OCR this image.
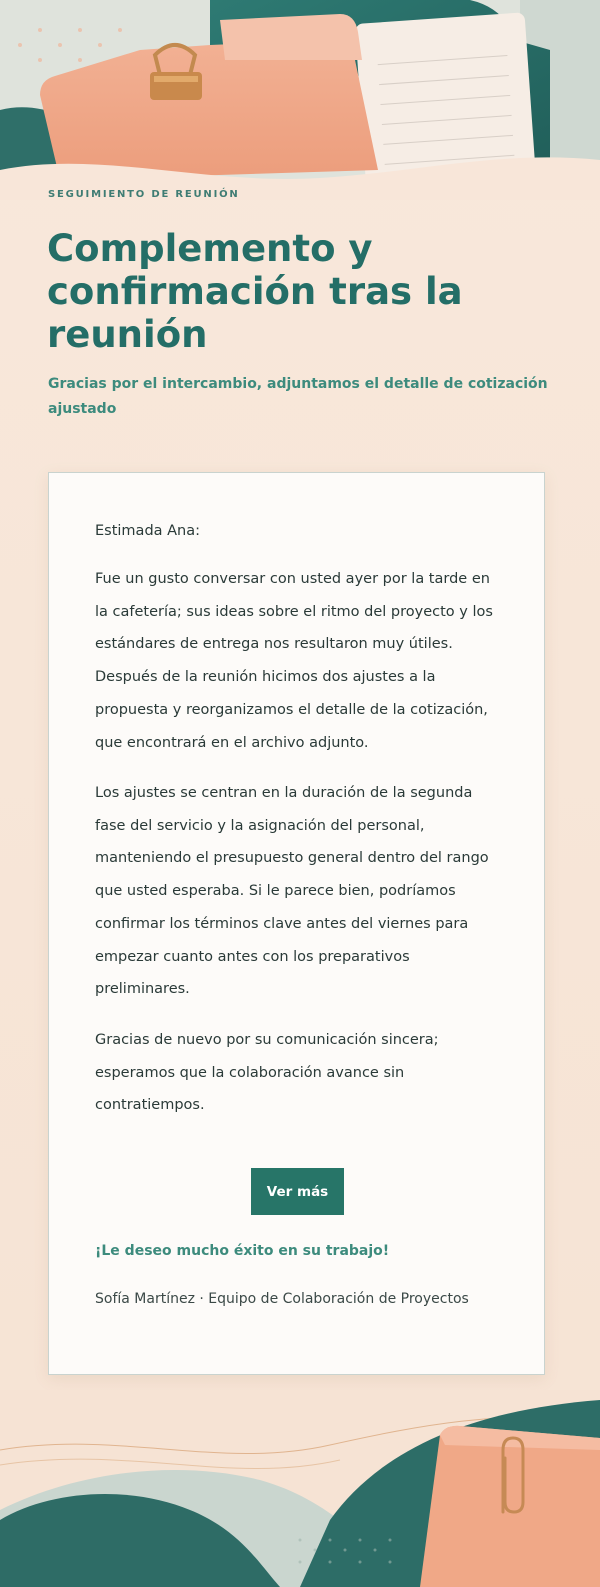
SEGUIMIENTO DE REUNIÓN
Complemento y confirmación tras la reunión

Gracias por el intercambio, adjuntamos el detalle de cotización ajustado

Estimada Ana:

Fue un gusto conversar con usted ayer por la tarde en la cafetería; sus ideas sobre el ritmo del proyecto y los estándares de entrega nos resultaron muy útiles. Después de la reunión hicimos dos ajustes a la propuesta y reorganizamos el detalle de la cotización, que encontrará en el archivo adjunto.

Los ajustes se centran en la duración de la segunda fase del servicio y la asignación del personal, manteniendo el presupuesto general dentro del rango que usted esperaba. Si le parece bien, podríamos confirmar los términos clave antes del viernes para empezar cuanto antes con los preparativos preliminares.

Gracias de nuevo por su comunicación sincera; esperamos que la colaboración avance sin contratiempos.

Ver más
¡Le deseo mucho éxito en su trabajo!
Sofía Martínez · Equipo de Colaboración de Proyectos
